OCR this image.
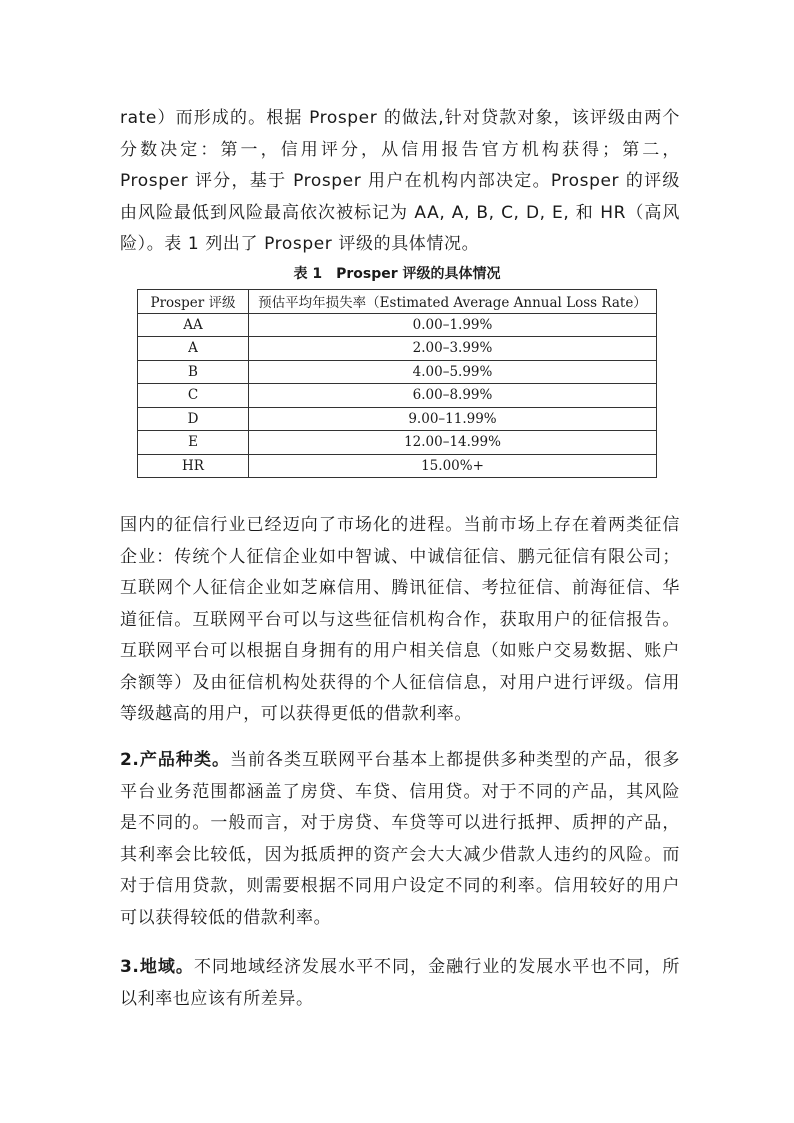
rate）而形成的。根据 Prosper 的做法,针对贷款对象，该评级由两个分数决定：第一，信用评分，从信用报告官方机构获得；第二，Prosper 评分，基于 Prosper 用户在机构内部决定。Prosper 的评级由风险最低到风险最高依次被标记为 AA, A, B, C, D, E, 和 HR（高风险）。表 1 列出了 Prosper 评级的具体情况。

表 1 Prosper 评级的具体情况
Prosper 评级	预估平均年损失率（Estimated Average Annual Loss Rate）
AA	0.00–1.99%
A	2.00–3.99%
B	4.00–5.99%
C	6.00–8.99%
D	9.00–11.99%
E	12.00–14.99%
HR	15.00%+

国内的征信行业已经迈向了市场化的进程。当前市场上存在着两类征信企业：传统个人征信企业如中智诚、中诚信征信、鹏元征信有限公司；互联网个人征信企业如芝麻信用、腾讯征信、考拉征信、前海征信、华道征信。互联网平台可以与这些征信机构合作，获取用户的征信报告。互联网平台可以根据自身拥有的用户相关信息（如账户交易数据、账户余额等）及由征信机构处获得的个人征信信息，对用户进行评级。信用等级越高的用户，可以获得更低的借款利率。

2.产品种类。当前各类互联网平台基本上都提供多种类型的产品，很多平台业务范围都涵盖了房贷、车贷、信用贷。对于不同的产品，其风险是不同的。一般而言，对于房贷、车贷等可以进行抵押、质押的产品，其利率会比较低，因为抵质押的资产会大大减少借款人违约的风险。而对于信用贷款，则需要根据不同用户设定不同的利率。信用较好的用户可以获得较低的借款利率。

3.地域。不同地域经济发展水平不同，金融行业的发展水平也不同，所以利率也应该有所差异。
